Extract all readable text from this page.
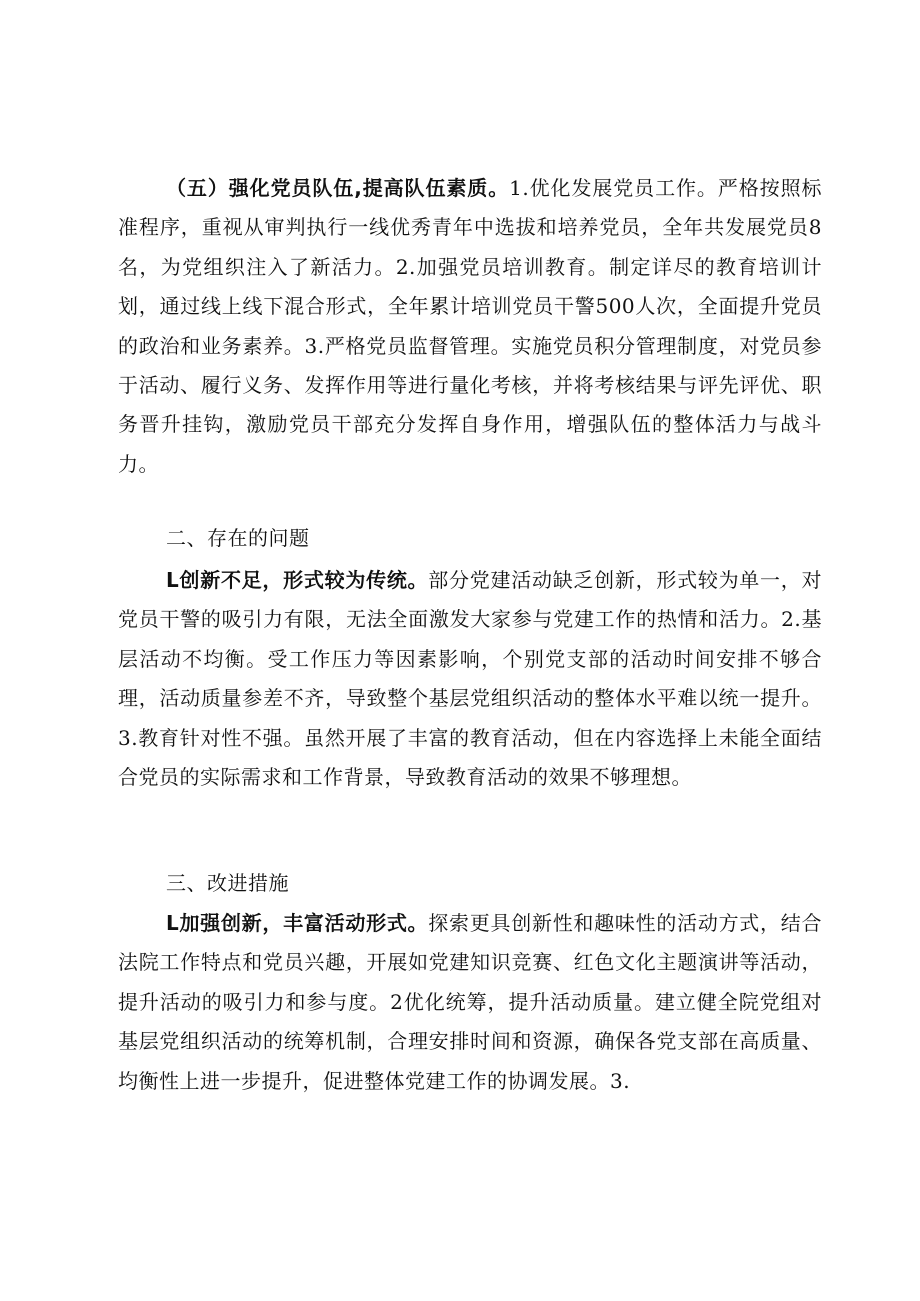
（五）强化党员队伍,提高队伍素质。1.优化发展党员工作。严格按照标准程序，重视从审判执行一线优秀青年中选拔和培养党员，全年共发展党员8名，为党组织注入了新活力。2.加强党员培训教育。制定详尽的教育培训计划，通过线上线下混合形式，全年累计培训党员干警500人次，全面提升党员的政治和业务素养。3.严格党员监督管理。实施党员积分管理制度，对党员参于活动、履行义务、发挥作用等进行量化考核，并将考核结果与评先评优、职务晋升挂钩，激励党员干部充分发挥自身作用，增强队伍的整体活力与战斗力。

二、存在的问题

L创新不足，形式较为传统。部分党建活动缺乏创新，形式较为单一，对党员干警的吸引力有限，无法全面激发大家参与党建工作的热情和活力。2.基层活动不均衡。受工作压力等因素影响，个别党支部的活动时间安排不够合理，活动质量参差不齐，导致整个基层党组织活动的整体水平难以统一提升。3.教育针对性不强。虽然开展了丰富的教育活动，但在内容选择上未能全面结合党员的实际需求和工作背景，导致教育活动的效果不够理想。

三、改进措施

L加强创新，丰富活动形式。探索更具创新性和趣味性的活动方式，结合法院工作特点和党员兴趣，开展如党建知识竞赛、红色文化主题演讲等活动，提升活动的吸引力和参与度。2优化统筹，提升活动质量。建立健全院党组对基层党组织活动的统筹机制，合理安排时间和资源，确保各党支部在高质量、均衡性上进一步提升，促进整体党建工作的协调发展。3.
